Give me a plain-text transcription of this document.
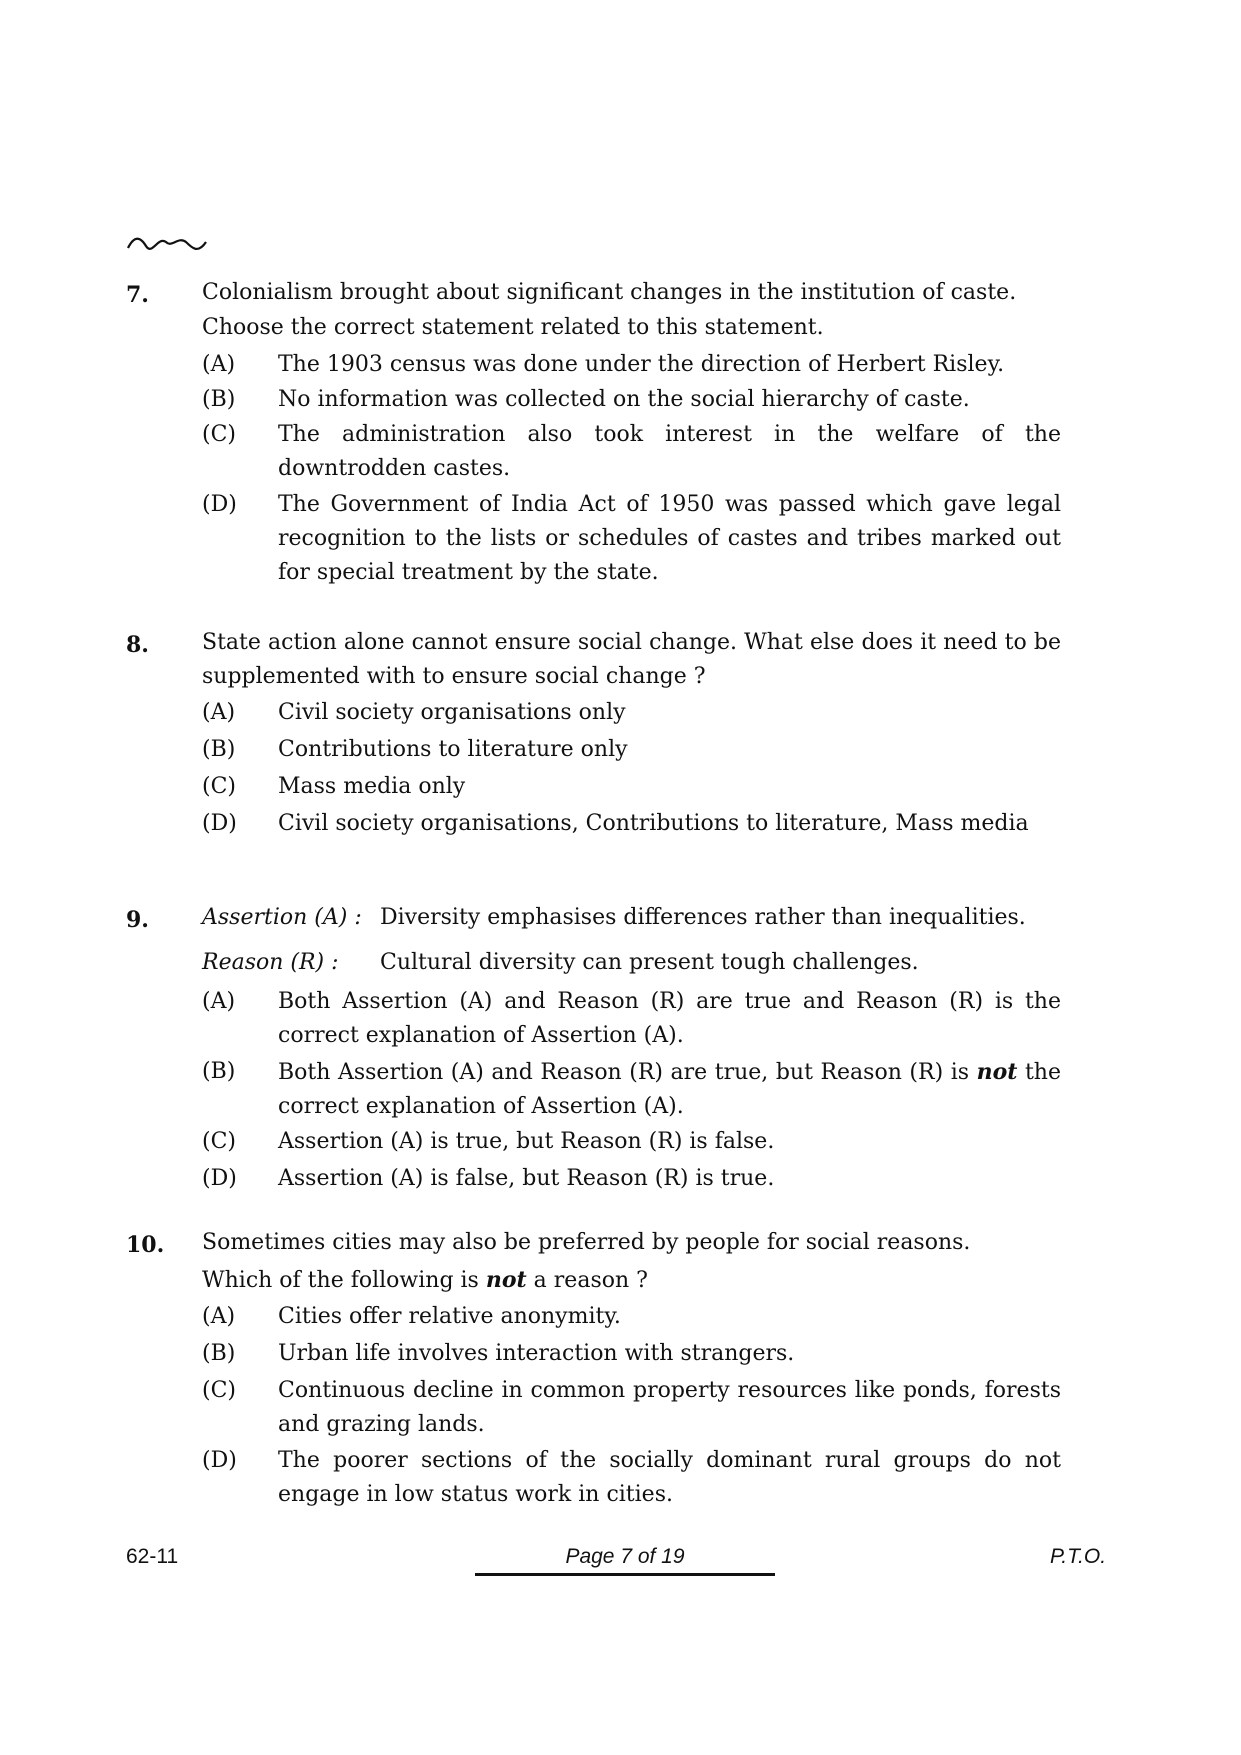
7. Colonialism brought about significant changes in the institution of caste.
Choose the correct statement related to this statement.
(A)	The 1903 census was done under the direction of Herbert Risley.
(B)	No information was collected on the social hierarchy of caste.
(C)	The administration also took interest in the welfare of the downtrodden castes.
(D)	The Government of India Act of 1950 was passed which gave legal recognition to the lists or schedules of castes and tribes marked out for special treatment by the state.
8. State action alone cannot ensure social change. What else does it need to be supplemented with to ensure social change ?
(A)	Civil society organisations only
(B)	Contributions to literature only
(C)	Mass media only
(D)	Civil society organisations, Contributions to literature, Mass media
9. Assertion (A) : Diversity emphasises differences rather than inequalities.
Reason (R) : Cultural diversity can present tough challenges.
(A)	Both Assertion (A) and Reason (R) are true and Reason (R) is the correct explanation of Assertion (A).
(B)	Both Assertion (A) and Reason (R) are true, but Reason (R) is not the correct explanation of Assertion (A).
(C)	Assertion (A) is true, but Reason (R) is false.
(D)	Assertion (A) is false, but Reason (R) is true.
10. Sometimes cities may also be preferred by people for social reasons.
Which of the following is not a reason ?
(A)	Cities offer relative anonymity.
(B)	Urban life involves interaction with strangers.
(C)	Continuous decline in common property resources like ponds, forests and grazing lands.
(D)	The poorer sections of the socially dominant rural groups do not engage in low status work in cities.
62-11	Page 7 of 19	P.T.O.
